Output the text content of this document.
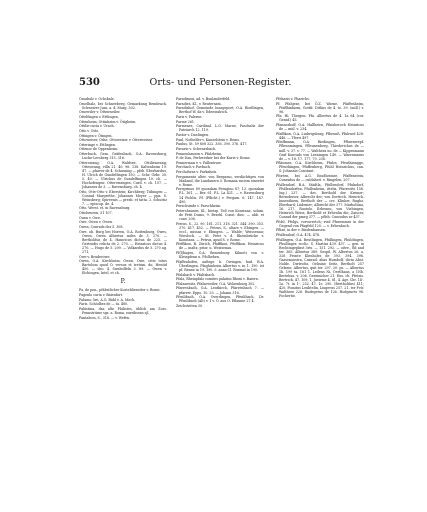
530	Orts- und Personen-Register.

Ossabalz v. Ochsbalz.

Osselbalz, bei Schneeberg, Gemarkung Rembrach, Schweizer Jura, a. d. Murg. 502.

Ossewiler v. Ottenweiler.

Ottelfingen v. Ettlingen.

Ottenheim, Ottinheim v. Ötigheim.

Ottilie curia v. Urach.

Otto v. Otto.

Ottingen v. Ötingen.

Ottoweiser, Oshe, Ottoweiser v. Otterweiser.

Otteringe v. Ettlingen.

Ottenor de Oppenheim.

Otterbach, Gem. Gräfenbach, O.A. Ravensburg, Lucke-Lersberg 315. 316.

Otterswang, O.A. Waldsee, Ottilienwang; Otteswang, villa 21. 40. 96. 138. Kaltenheim 19. 47. — pfarrer de 4. Schussing — pfeb. Eberhardus, H. Ulrich de Gundelfingen 150. — Schr. Gebr. 30. 5. 40. — Ulrichus de Gundelfingen 10. ch. — Hochofengen: Otterswangen. Curd. v. ch. 107. — Johannes de 3. — Ravensburg, ch. 4.

Otto, Otte-Otto v. Eberstein; Kirchberg; Tübingen — Conrad Margrethe, Johannes Meyer — ppa. S. Weinsberg; Spireenis — presb. et tatta. 2. Schuttiz 7. — episcop. de. 4.

Otto. Werst. et. in Ravensburg.

Ottobeuren, 51 107.

Ouen v. Owe.

Owe, Owen v. Owen.

Owen, Conrads der 5. 308.

Owe, ob. Burg bei Horren, O.A. Rottenburg, Owes, Owen, Owen Albertus miles de 3. 270. — Bertholdus de 4. Hainricus dictus de 225. — Gertrudis relicta de 2. 270. — Heinricus dictus 4. 270. — Hugo de 5. 209. — Volkardus de 5. 270 ag. 271.

Owe v. Bruderowe.

Owen, O.A. Kirchheim, Owen, Owe, civis totus Bartolum quod O. versus et tretum, du. Hentid 450. — dec. 4. Swabolfeln 3. 89. — Owen v. Eichingen, Intel. et ch.

P.

Pa. de pon., pfäbstlicher Kosteldiensiter v. Rome.

Pagenlo curia v. Baienfurt.

Palumo, bei, A.G. Bühl v. A. Moch.

Paris. Schödbes de — ta. 480.

Palästina, das alte Philistes, üblich am Zoss. Pennstrüme sgs. a. Roma, earribsens sjl.

Pantaleon, S., 318. — v. Wefen.

Paradissen, ad. v. Bonlanderfeld.

Paradies, Kl., v. Reutersam.

Paradishof, Gemeinde Innsgeport, O.A. Riedlingen, Berthof W. da v. Edenwalrich.

Paris v. Palerne.

Parme 261.

Parmenes, Cardinal. L.O. Marne, Paschalis der Patriarch 12. 119.

Pastor v. Daelingen.

Paul, Nothelfer v. Kunzelstein v. Rems.

Paulus, St. 59 808 322. 356. 390. 376. 417.

Pavarie v. Schwarzbach.

Pennenhausen v. Pfalzheim.

P. de Dau, Perhwerker bei der Kurie v. Rome.

Pennerman v. v. Pallentraw.

Perchach v. Pavbach.

Perchohens v. Farkaheis.

Pergamente alter. von Bergamo, verdächtiges von Mailand, die Landauern 5. Romana racism einsetzt v. Rome.

Peregrinus 89 quondam Perugino 87; 13. quondam P.L. 161. — Ber. 61. P.L. La 421. — v. Ravensburg 14 Pichlis, Pf. (Pflicht.) v. Pergam. 6. 147. 167. 490.

Perschsinde v. Parschheim.

Petershausen, Kl., bietzp. Teil von Konstanz, solum. de Petit Dumo, 9. Bezrhl. Const. dioc. — abb. et conv. 208.

Petrus, S., 22. 90. 161. 211. 318. 321. 344. 390. 353. 370. 417. 452. — Petrus, S., altare v. Ebingen. — eccl., missas v. Ebingen. — Walde; Weissenau; Wiesloch. — St. Petri v. d. Rheinbrücke v. Konstanz. — Petrus, apud S. v. Rome.

Pfeffikon, B. Zürich, Pfaffikon, Pfeffikon, Heinricus de — maltz, prior, u. Weissenau.

Pf(l)bagen, O.A. Beisenburg: Kilmeti von v. Kleinpfenn u. Pfolhehen.

Pfaffenhofen, aufiegs. b. Owingen, bad. B.A. Überlingen, Pfaghinheim Albertus v. in 1. 190. ist pf. Renne in 19. 190. 5. anno Cl. Rosmat in 190.

Pfalzbach v. Pfaltzbach.

Pfalz, Rheinpfalz comites palatini Rheni v. Baiern.

Pfalzaewitz, Pfalzoweiler, O.A. Wolzenburg 302.

Pfarrenbach, O.A. Leutkirch, Pfarrenbach 7. — pfarrer. Eppo. 10. 25. — Johann 316.

Pfenlibach, O.A. Overdingen, Pfenlibach, Dr. Pfenlibach (Alt) v. 1 v. Ö. aus O. Eflaume 27 4.

Zeichstetten 30.

Pfeharis v. Pharichs.

Pf. Pfahjeze, bei Ö.Z. Warne, Pfaffenheim, Pfaffhinhiem, Gottfr. Ditlins de 4. to. 39. (mill.) v. 96.

Pfa. Hi. Thergen. Pfa. Albertus de 4. 1a 64 (cor. Gennf.) 45.

Pfannerhoff, O.A. Hallheirn, Pfinsheroch Heinricus de — miil. v. 234.

Pfaffikon, O.A. Ludwigsburg, Pfluwnß, Pfuhwef 428. 446. — Tferri 497.

Pfeiffmann, O.A. Riedingen, Pfluwnwepf, Pfleunmingen, Pfleunenberg, Thiederichus de — mill. v. 37. v. 77. — Walthera no. de — Kippenmann Graf Konrads von Leeningen 149. — Warremarus de — v. 18. 17. 177. 79. 238.

Pfläumes, O.A. Kirchheim, Pfulzs, Pfeuthinngge, Pfeuthingen, Pfaffenberg, Pfuhl Heinrichus, can. S. Johannis Constant.

Pforten, bei A.G. Ensdheimer, Pfaffenstein, Cunradus de — culdaheit. v. Ringelen, 207.

Pfullendorf, B.A. Städtla, Pfullendorf, Pfulndorf, Pfullendorfen, Pfullenheim, ittelis, Pfarrerits 156. (ug.) 237. — dec. Berthold der Kremer; Bernebuser, Albrecht der; von Dortirch, Heinrich, Innenthiem, Bertholt der — cre. Klinher, Rughz, Eberhard; Lüdemer; Albrecht der 377. Marholtina, 16. 217. Ruotolo, Erheunu, von Viehingen, Heinrich Weiss, Berthold et Erheulin die; Zaiscer, Conrad der pmrg 377. — pfleb. Cunradus se 437.

Pfohl, Pfolgs, vorvorretch; zvid Pfaremmes in der Gegend von Pfagfeld 120. — v. Erbenbach.

Pflize, in der v. Biedenhausen.

Pfullendorf, O.A. 474. 478.

Pfullingen, O.A. Reutlingen, Pfullingen, Phuldingen, Phullinger, ecclic. S. Martini 439. 437. — gen. in Rechtingepfast 3rts. — 151. 292. — oitre., fld and ter. 365. Albertus 389. Gespil. W. Albertus 26. a. 326 Fronte Klenholes de 393. 394. 396. Gassenaustra, Cunrad. alias Humbolf, dicta Abst. Nolde. Dietrichs, Oelisine Seitz, Bertholt 257 Gelsme, Albertus, quit ter. 297. 20. ps. — Albertus 1b. 199 ta. 161 1. Leilens Ni. Oertlhaus, a 1Nb. Bertehus. v. 206. Gereinicher 21. Eus. ch. Pfetzis. Bertrich, 47, 109, 1, Jueirme 4. 81, 4. Agr. Chr. 14-. 1a. 7t. in 1-, 252. 47. 1e. 290. (Bertholdus) 411; 420, Fomitus Leubtelin, Liugerus 257. 21. ter Fvir. Walthere 226. Rudegerus de 126. Hodgsurts 98. Fochertie.
